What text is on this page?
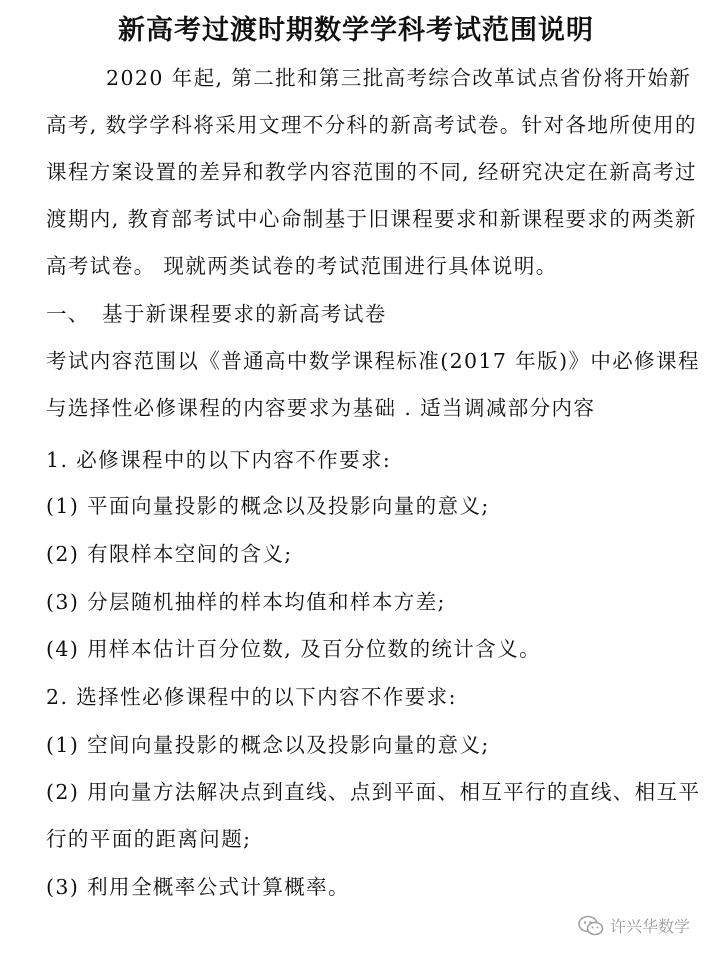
新高考过渡时期数学学科考试范围说明
2020 年起, 第二批和第三批高考综合改革试点省份将开始新
高考, 数学学科将采用文理不分科的新高考试卷。针对各地所使用的
课程方案设置的差异和教学内容范围的不同, 经研究决定在新高考过
渡期内, 教育部考试中心命制基于旧课程要求和新课程要求的两类新
高考试卷。 现就两类试卷的考试范围进行具体说明。
一、 基于新课程要求的新高考试卷
考试内容范围以《普通高中数学课程标准(2017 年版)》中必修课程
与选择性必修课程的内容要求为基础 . 适当调减部分内容
1. 必修课程中的以下内容不作要求:
(1) 平面向量投影的概念以及投影向量的意义;
(2) 有限样本空间的含义;
(3) 分层随机抽样的样本均值和样本方差;
(4) 用样本估计百分位数, 及百分位数的统计含义。
2. 选择性必修课程中的以下内容不作要求:
(1) 空间向量投影的概念以及投影向量的意义;
(2) 用向量方法解决点到直线、点到平面、相互平行的直线、相互平
行的平面的距离问题;
(3) 利用全概率公式计算概率。
许兴华数学
